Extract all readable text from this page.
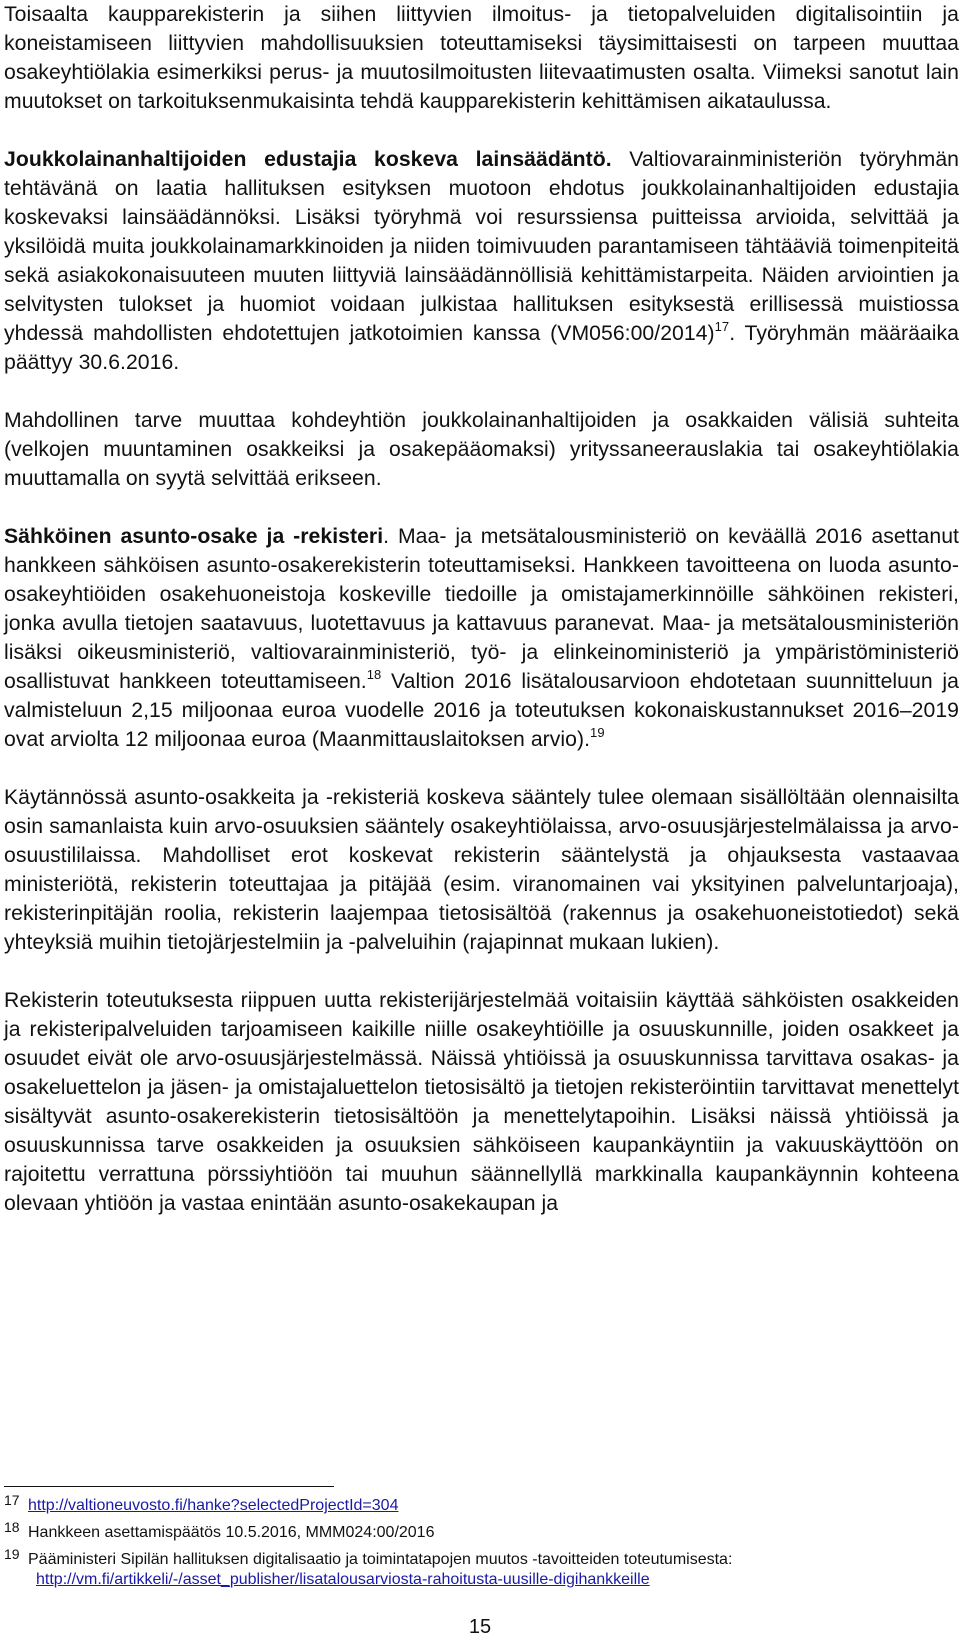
Toisaalta kaupparekisterin ja siihen liittyvien ilmoitus- ja tietopalveluiden digitalisointiin ja koneistamiseen liittyvien mahdollisuuksien toteuttamiseksi täysimittaisesti on tarpeen muuttaa osakeyhtiölakia esimerkiksi perus- ja muutosilmoitusten liitevaatimusten osalta. Viimeksi sanotut lain muutokset on tarkoituksenmukaisinta tehdä kaupparekisterin kehittämisen aikataulussa.

Joukkolainanhaltijoiden edustajia koskeva lainsäädäntö. Valtiovarainministeriön työryhmän tehtävänä on laatia hallituksen esityksen muotoon ehdotus joukkolainanhaltijoiden edustajia koskevaksi lainsäädännöksi. Lisäksi työryhmä voi resurssiensa puitteissa arvioida, selvittää ja yksilöidä muita joukkolainamarkkinoiden ja niiden toimivuuden parantamiseen tähtääviä toimenpiteitä sekä asiakokonaisuuteen muuten liittyviä lainsäädännöllisiä kehittämistarpeita. Näiden arviointien ja selvitysten tulokset ja huomiot voidaan julkistaa hallituksen esityksestä erillisessä muistiossa yhdessä mahdollisten ehdotettujen jatkotoimien kanssa (VM056:00/2014)$^{17}$. Työryhmän määräaika päättyy 30.6.2016.

Mahdollinen tarve muuttaa kohdeyhtiön joukkolainanhaltijoiden ja osakkaiden välisiä suhteita (velkojen muuntaminen osakkeiksi ja osakepääomaksi) yrityssaneerauslakia tai osakeyhtiölakia muuttamalla on syytä selvittää erikseen.

Sähköinen asunto-osake ja -rekisteri. Maa- ja metsätalousministeriö on keväällä 2016 asettanut hankkeen sähköisen asunto-osakerekisterin toteuttamiseksi. Hankkeen tavoitteena on luoda asunto-osakeyhtiöiden osakehuoneistoja koskeville tiedoille ja omistajamerkinnöille sähköinen rekisteri, jonka avulla tietojen saatavuus, luotettavuus ja kattavuus paranevat. Maa- ja metsätalousministeriön lisäksi oikeusministeriö, valtiovarainministeriö, työ- ja elinkeinoministeriö ja ympäristöministeriö osallistuvat hankkeen toteuttamiseen.$^{18}$ Valtion 2016 lisätalousarvioon ehdotetaan suunnitteluun ja valmisteluun 2,15 miljoonaa euroa vuodelle 2016 ja toteutuksen kokonaiskustannukset 2016–2019 ovat arviolta 12 miljoonaa euroa (Maanmittauslaitoksen arvio).$^{19}$

Käytännössä asunto-osakkeita ja -rekisteriä koskeva sääntely tulee olemaan sisällöltään olennaisilta osin samanlaista kuin arvo-osuuksien sääntely osakeyhtiölaissa, arvo-osuusjärjestelmälaissa ja arvo-osuustililaissa. Mahdolliset erot koskevat rekisterin sääntelystä ja ohjauksesta vastaavaa ministeriötä, rekisterin toteuttajaa ja pitäjää (esim. viranomainen vai yksityinen palveluntarjoaja), rekisterinpitäjän roolia, rekisterin laajempaa tietosisältöä (rakennus ja osakehuoneistotiedot) sekä yhteyksiä muihin tietojärjestelmiin ja -palveluihin (rajapinnat mukaan lukien).

Rekisterin toteutuksesta riippuen uutta rekisterijärjestelmää voitaisiin käyttää sähköisten osakkeiden ja rekisteripalveluiden tarjoamiseen kaikille niille osakeyhtiöille ja osuuskunnille, joiden osakkeet ja osuudet eivät ole arvo-osuusjärjestelmässä. Näissä yhtiöissä ja osuuskunnissa tarvittava osakas- ja osakeluettelon ja jäsen- ja omistajaluettelon tietosisältö ja tietojen rekisteröintiin tarvittavat menettelyt sisältyvät asunto-osakerekisterin tietosisältöön ja menettelytapoihin. Lisäksi näissä yhtiöissä ja osuuskunnissa tarve osakkeiden ja osuuksien sähköiseen kaupankäyntiin ja vakuuskäyttöön on rajoitettu verrattuna pörssiyhtiöön tai muuhun säännellyllä markkinalla kaupankäynnin kohteena olevaan yhtiöön ja vastaa enintään asunto-osakekaupan ja

17 http://valtioneuvosto.fi/hanke?selectedProjectId=304
18 Hankkeen asettamispäätös 10.5.2016, MMM024:00/2016
19 Pääministeri Sipilän hallituksen digitalisaatio ja toimintatapojen muutos -tavoitteiden toteutumisesta:
http://vm.fi/artikkeli/-/asset_publisher/lisatalousarviosta-rahoitusta-uusille-digihankkeille
15
